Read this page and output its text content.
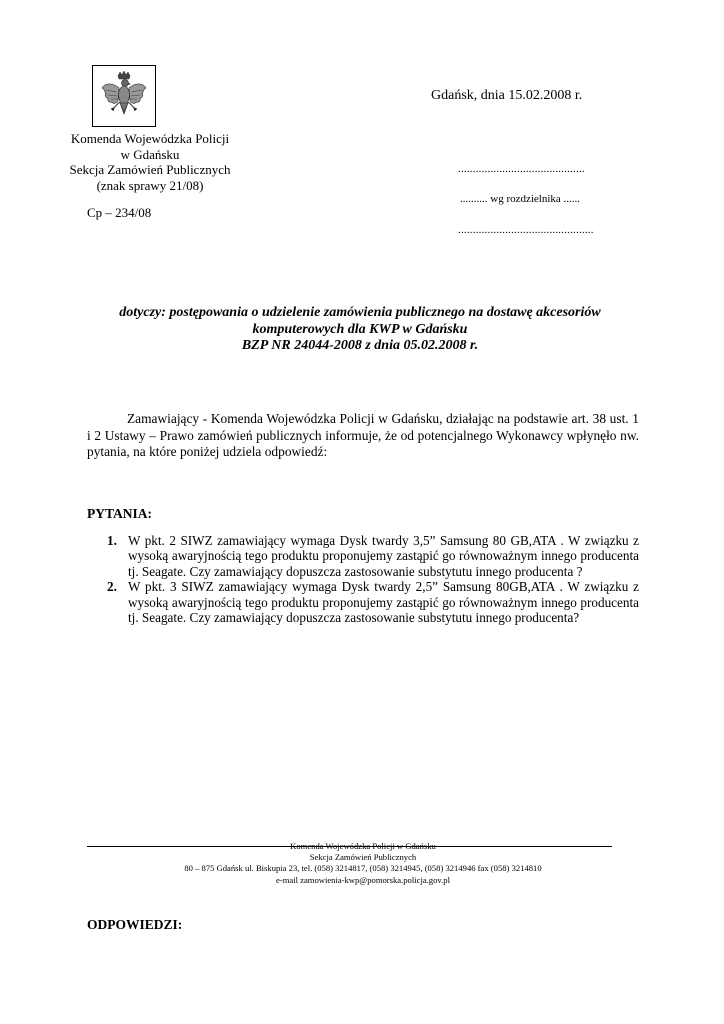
Gdańsk, dnia 15.02.2008 r.
Komenda Wojewódzka Policji
w Gdańsku
Sekcja Zamówień Publicznych
(znak sprawy 21/08)
Cp – 234/08
...........................................
.......... wg rozdzielnika ......
..............................................
dotyczy: postępowania o udzielenie zamówienia publicznego na dostawę akcesoriów
komputerowych dla KWP w Gdańsku
BZP NR 24044-2008 z dnia 05.02.2008 r.
Zamawiający - Komenda Wojewódzka Policji w Gdańsku, działając na podstawie art. 38 ust. 1 i 2 Ustawy – Prawo zamówień publicznych informuje, że od potencjalnego Wykonawcy wpłynęło nw. pytania, na które poniżej udziela odpowiedź:
PYTANIA:
1. W pkt. 2 SIWZ zamawiający wymaga Dysk twardy 3,5” Samsung 80 GB,ATA . W związku z wysoką awaryjnością tego produktu proponujemy zastąpić go równoważnym innego producenta tj. Seagate. Czy zamawiający dopuszcza zastosowanie substytutu innego producenta ?
2. W pkt. 3 SIWZ zamawiający wymaga Dysk twardy 2,5” Samsung 80GB,ATA . W związku z wysoką awaryjnością tego produktu proponujemy zastąpić go równoważnym innego producenta tj. Seagate. Czy zamawiający dopuszcza zastosowanie substytutu innego producenta?
Komenda Wojewódzka Policji w Gdańsku
Sekcja Zamówień Publicznych
80 – 875 Gdańsk ul. Biskupia 23, tel. (058) 3214817, (058) 3214945, (058) 3214946 fax (058) 3214810
e-mail zamowienia-kwp@pomorska.policja.gov.pl
ODPOWIEDZI:
